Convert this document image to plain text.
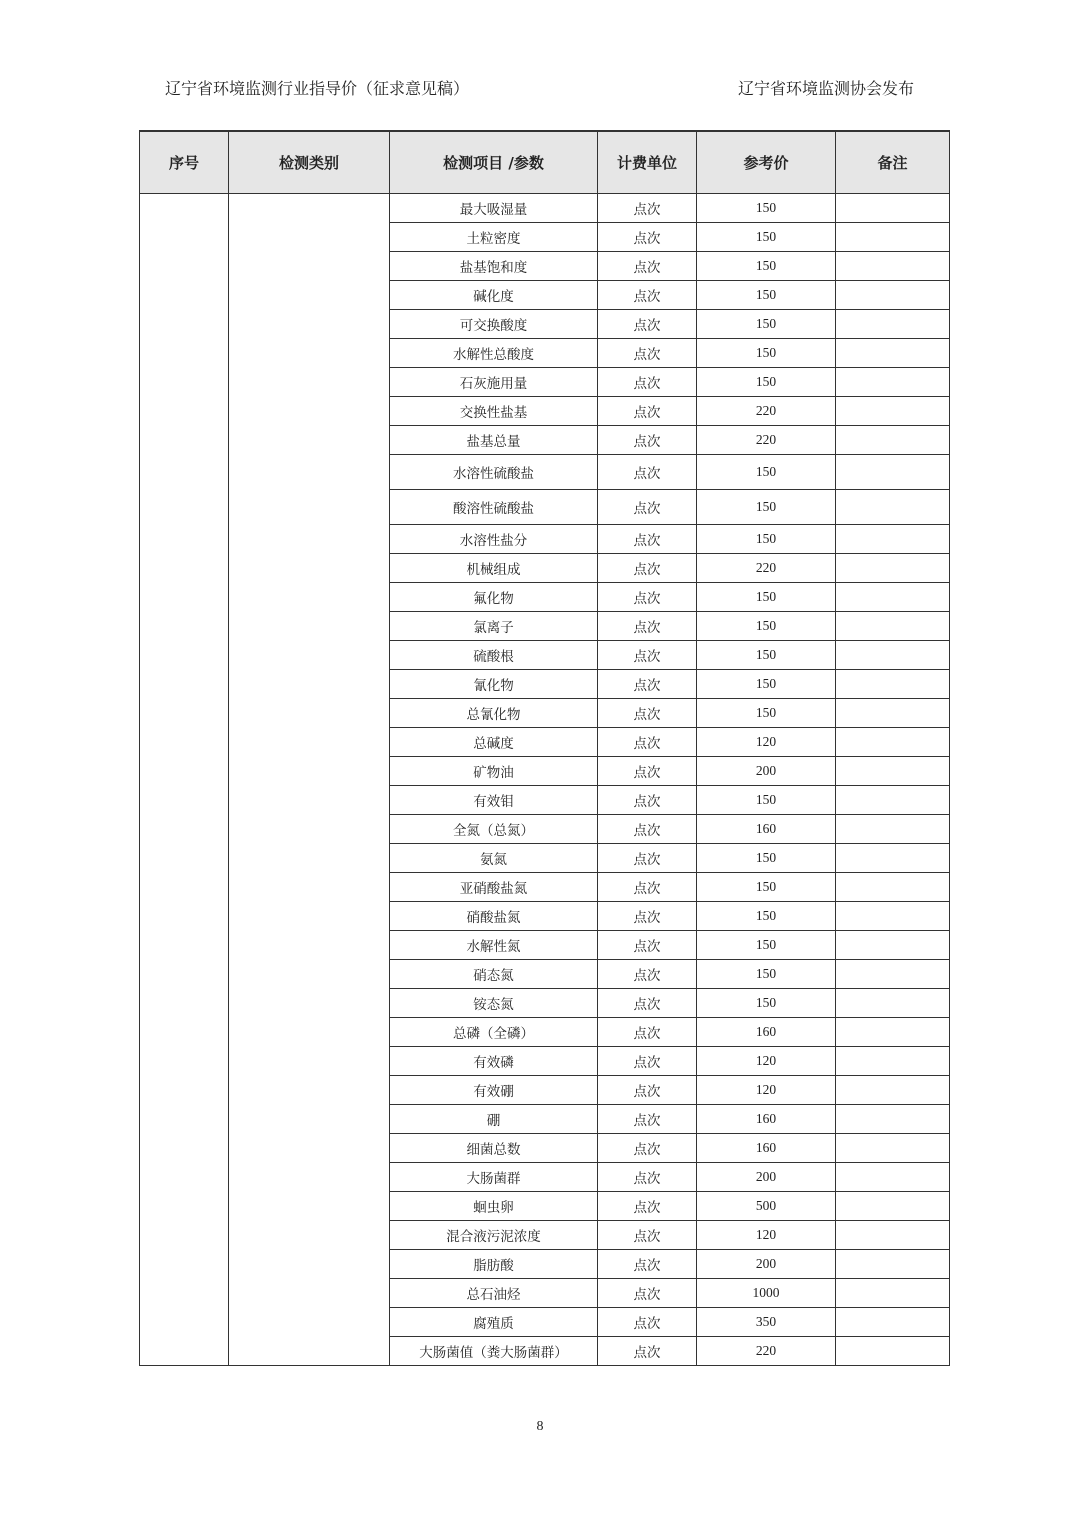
辽宁省环境监测行业指导价（征求意见稿）	辽宁省环境监测协会发布
序号	检测类别	检测项目 /参数	计费单位	参考价	备注
		最大吸湿量	点次	150	
		土粒密度	点次	150	
		盐基饱和度	点次	150	
		碱化度	点次	150	
		可交换酸度	点次	150	
		水解性总酸度	点次	150	
		石灰施用量	点次	150	
		交换性盐基	点次	220	
		盐基总量	点次	220	
		水溶性硫酸盐	点次	150	
		酸溶性硫酸盐	点次	150	
		水溶性盐分	点次	150	
		机械组成	点次	220	
		氟化物	点次	150	
		氯离子	点次	150	
		硫酸根	点次	150	
		氰化物	点次	150	
		总氰化物	点次	150	
		总碱度	点次	120	
		矿物油	点次	200	
		有效钼	点次	150	
		全氮（总氮）	点次	160	
		氨氮	点次	150	
		亚硝酸盐氮	点次	150	
		硝酸盐氮	点次	150	
		水解性氮	点次	150	
		硝态氮	点次	150	
		铵态氮	点次	150	
		总磷（全磷）	点次	160	
		有效磷	点次	120	
		有效硼	点次	120	
		硼	点次	160	
		细菌总数	点次	160	
		大肠菌群	点次	200	
		蛔虫卵	点次	500	
		混合液污泥浓度	点次	120	
		脂肪酸	点次	200	
		总石油烃	点次	1000	
		腐殖质	点次	350	
		大肠菌值（粪大肠菌群）	点次	220	
8
